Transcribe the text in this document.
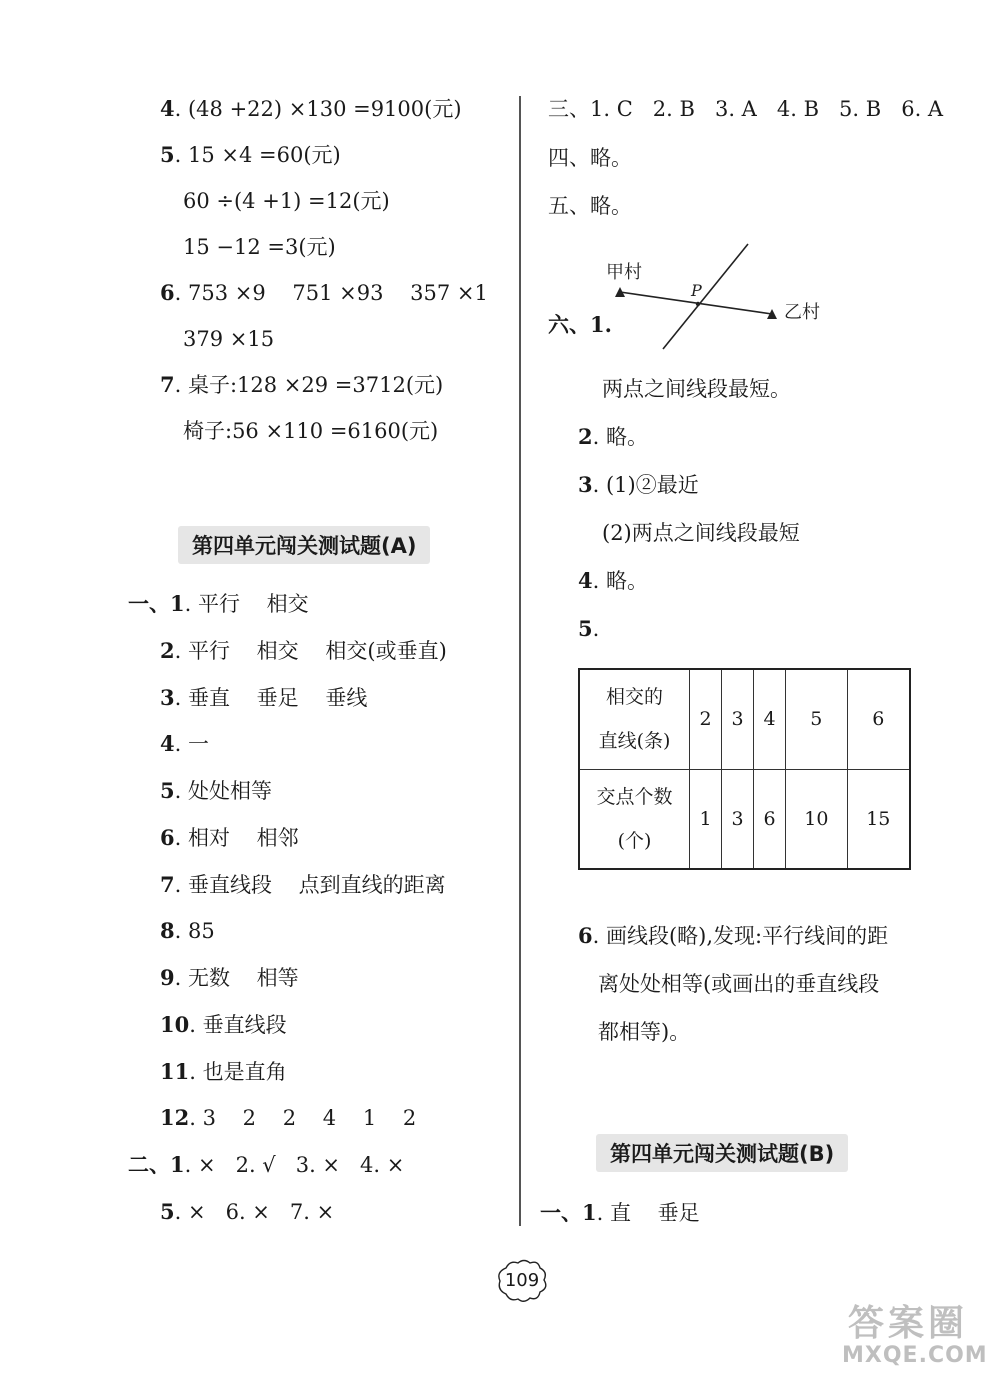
4. (48 +22) ×130 =9100(元)
5. 15 ×4 =60(元)
60 ÷(4 +1) =12(元)
15 −12 =3(元)
6. 753 ×9    751 ×93    357 ×1
379 ×15
7. 桌子:128 ×29 =3712(元)
椅子:56 ×110 =6160(元)
第四单元闯关测试题(A)
一、1. 平行    相交
2. 平行    相交    相交(或垂直)
3. 垂直    垂足    垂线
4. 一
5. 处处相等
6. 相对    相邻
7. 垂直线段    点到直线的距离
8. 85
9. 无数    相等
10. 垂直线段
11. 也是直角
12. 3    2    2    4    1    2
二、1. ×   2. √   3. ×   4. ×
5. ×   6. ×   7. ×
三、1. C   2. B   3. A   4. B   5. B   6. A
四、略。
五、略。
六、1.
甲村
P
乙村
两点之间线段最短。
2. 略。
3. (1)②最近
(2)两点之间线段最短
4. 略。
5.
相交的
直线(条)	2	3	4	5	6

交点个数
(个)	1	3	6	10	15
6. 画线段(略),发现:平行线间的距
离处处相等(或画出的垂直线段
都相等)。
第四单元闯关测试题(B)
一、1. 直    垂足
109
答案圈
MXQE.COM
